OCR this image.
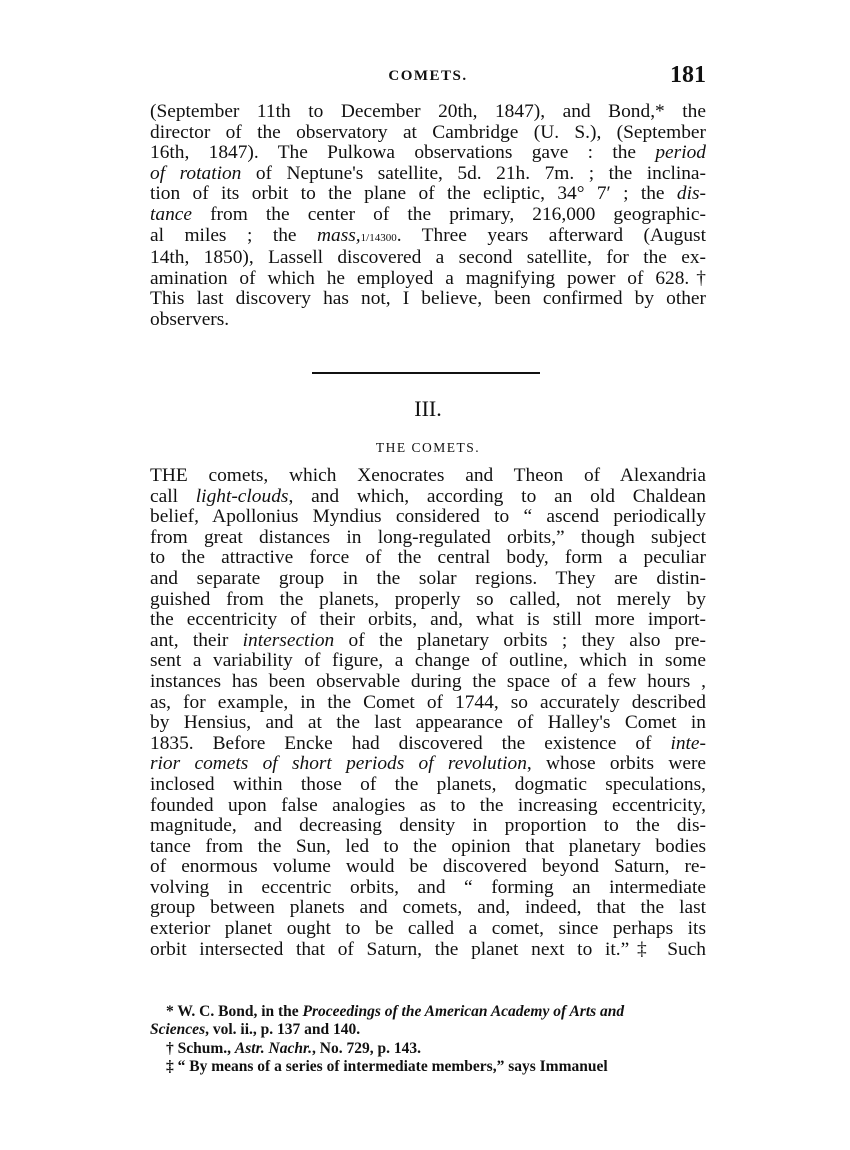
COMETS.	181
(September 11th to December 20th, 1847), and Bond,* the
director of the observatory at Cambridge (U. S.), (September
16th, 1847). The Pulkowa observations gave : the period
of rotation of Neptune's satellite, 5d. 21h. 7m. ; the inclina-
tion of its orbit to the plane of the ecliptic, 34° 7′ ; the dis-
tance from the center of the primary, 216,000 geographic-
al miles ; the mass,1/14300. Three years afterward (August
14th, 1850), Lassell discovered a second satellite, for the ex-
amination of which he employed a magnifying power of 628.†
This last discovery has not, I believe, been confirmed by other
observers.
III.
THE COMETS.
THE comets, which Xenocrates and Theon of Alexandria
call light-clouds, and which, according to an old Chaldean
belief, Apollonius Myndius considered to “ ascend periodically
from great distances in long-regulated orbits,” though subject
to the attractive force of the central body, form a peculiar
and separate group in the solar regions. They are distin-
guished from the planets, properly so called, not merely by
the eccentricity of their orbits, and, what is still more import-
ant, their intersection of the planetary orbits ; they also pre-
sent a variability of figure, a change of outline, which in some
instances has been observable during the space of a few hours ,
as, for example, in the Comet of 1744, so accurately described
by Hensius, and at the last appearance of Halley's Comet in
1835. Before Encke had discovered the existence of inte-
rior comets of short periods of revolution, whose orbits were
inclosed within those of the planets, dogmatic speculations,
founded upon false analogies as to the increasing eccentricity,
magnitude, and decreasing density in proportion to the dis-
tance from the Sun, led to the opinion that planetary bodies
of enormous volume would be discovered beyond Saturn, re-
volving in eccentric orbits, and “ forming an intermediate
group between planets and comets, and, indeed, that the last
exterior planet ought to be called a comet, since perhaps its
orbit intersected that of Saturn, the planet next to it.”‡ Such
* W. C. Bond, in the Proceedings of the American Academy of Arts and
Sciences, vol. ii., p. 137 and 140.
† Schum., Astr. Nachr., No. 729, p. 143.
‡ “ By means of a series of intermediate members,” says Immanuel
